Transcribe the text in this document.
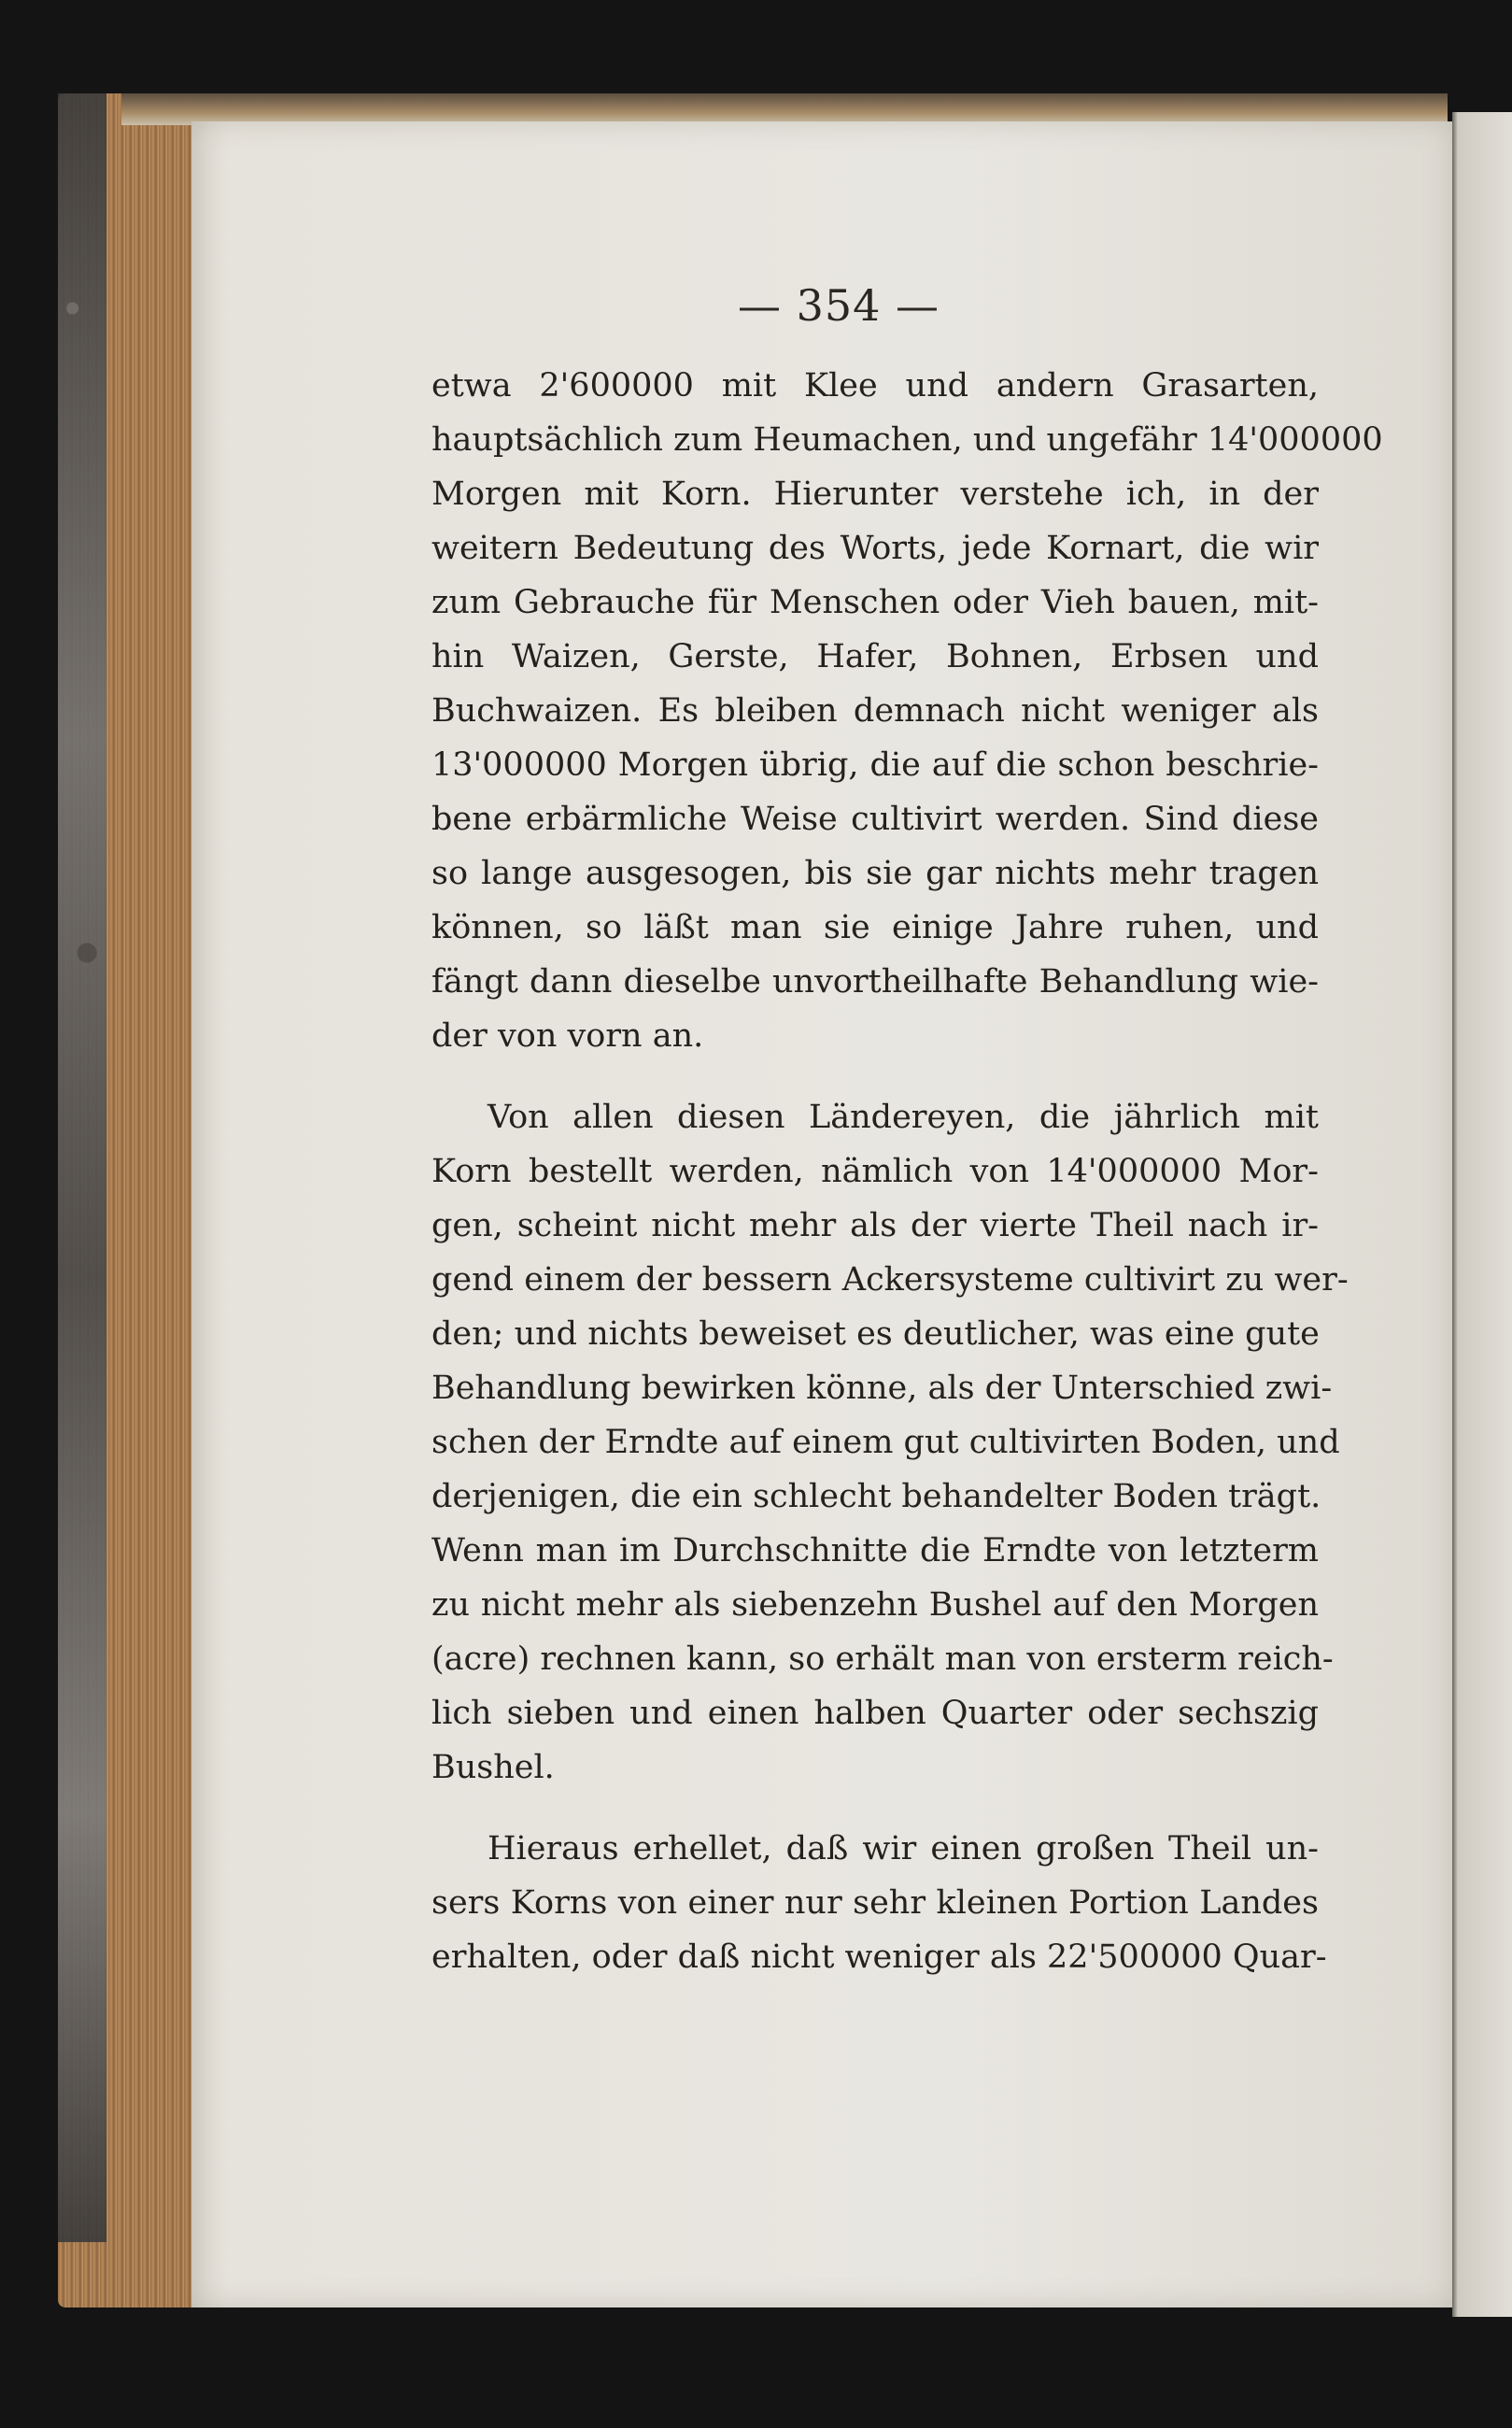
— 354 —
etwa 2'600000 mit Klee und andern Grasarten,
hauptsächlich zum Heumachen, und ungefähr 14'000000
Morgen mit Korn. Hierunter verstehe ich, in der
weitern Bedeutung des Worts, jede Kornart, die wir
zum Gebrauche für Menschen oder Vieh bauen, mit-
hin Waizen, Gerste, Hafer, Bohnen, Erbsen und
Buchwaizen. Es bleiben demnach nicht weniger als
13'000000 Morgen übrig, die auf die schon beschrie-
bene erbärmliche Weise cultivirt werden. Sind diese
so lange ausgesogen, bis sie gar nichts mehr tragen
können, so läßt man sie einige Jahre ruhen, und
fängt dann dieselbe unvortheilhafte Behandlung wie-
der von vorn an.
Von allen diesen Ländereyen, die jährlich mit
Korn bestellt werden, nämlich von 14'000000 Mor-
gen, scheint nicht mehr als der vierte Theil nach ir-
gend einem der bessern Ackersysteme cultivirt zu wer-
den; und nichts beweiset es deutlicher, was eine gute
Behandlung bewirken könne, als der Unterschied zwi-
schen der Erndte auf einem gut cultivirten Boden, und
derjenigen, die ein schlecht behandelter Boden trägt.
Wenn man im Durchschnitte die Erndte von letzterm
zu nicht mehr als siebenzehn Bushel auf den Morgen
(acre) rechnen kann, so erhält man von ersterm reich-
lich sieben und einen halben Quarter oder sechszig
Bushel.
Hieraus erhellet, daß wir einen großen Theil un-
sers Korns von einer nur sehr kleinen Portion Landes
erhalten, oder daß nicht weniger als 22'500000 Quar-
